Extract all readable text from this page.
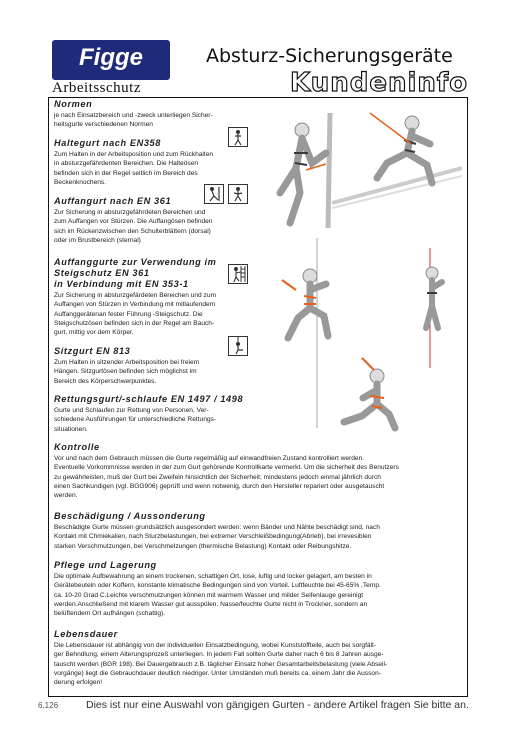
Figge
Arbeitsschutz
Absturz-Sicherungsgeräte
Kundeninfo
Normen
je nach Einsatzbereich und -zweck unterliegen Sicher-
heitsgurte verschiedenen Normen
Haltegurt nach EN358
Zum Halten in der Arbeitsposition und zum Rückhalten
in absturzgefährdenten Bereichen. Die Halteösen
befinden sich in der Regel seitlich im Bereich des
Beckenknochens.
Auffangurt nach EN 361
Zur Sicherung in absturzgefährdeten Bereichen und
zum Auffangen vor Stürzen. Die Auffangösen befinden
sich im Rückenzwischen den Schulterblättern (dorsal)
oder im Brustbereich (sternal)
Auffanggurte zur Verwendung im
Steigschutz EN 361
in Verbindung mit EN 353-1
Zur Sicherung in absturzgefärdeten Bereichen und zum
Auffangen von Stürzen in Verbindung mit mitlaufendem
Auffanggerätenan fester Führung -Steigschutz. Die
Steigschutzösen befinden sich in der Regel am Bauch-
gurt, mittig vor dem Körper.
Sitzgurt EN 813
Zum Halten in sitzender Arbeitsposition bei freiem
Hängen. Sitzgurtösen befinden sich möglichst im
Bereich des Körperschwerpunktes.
Rettungsgurt/-schlaufe EN 1497 / 1498
Gurte und Schlaufen zur Rettung von Personen, Ver-
schiedene Ausführungen für unterschiedliche Rettungs-
situationen.
Kontrolle
Vor und nach dem Gebrauch müssen die Gurte regelmäßig auf einwandfreien Zustand kontrolliert werden.
Eventuelle Vorkommnisse werden in der zum Gurt gehörende Kontrollkarte vermerkt. Um die sicherheit des Benutzers
zu gewährleisten, muß der Gurt bei Zweifeln hinsichtlich der Sicherheit; mindestens jedoch einmal jährlich durch
einen Sachkundigen (vgl. BGG906) geprüft und wenn notwenig, durch den Hersteller repariert oder ausgetauscht
werden.
Beschädigung / Aussonderung
Beschädigte Gurte müssen grundsätzlich ausgesondert werden: wenn Bänder und Nähte beschädigt sind, nach
Kontakt mit Chmiekalien, nach Sturzbelastungen, bei extremer Verschleißbedingung(Abrieb), bei irrevesiblen
starken Verschmutzungen, bei Verschmelzungen (thermische Belastung) Kontakt oder Reibungshitze.
Pflege und Lagerung
Die optimale Aufbewahrung an einem trockenen, schattigen Ort, lose, luftig und locker gelagert, am besten in
Gerätebeuteln oder Koffern, konstante klimatische Bedingungen sind von Vorteil. Luftfeuchte bei 45-65% ,Temp.
ca. 10-20 Grad C.Leichte verschmutzungen können mit warmem Wasser und milder Seifenlauge gereinigt
werden.Anschließend mit klarem Wasser gut ausspülen. Nasse/feuchte Gurte nicht in Trockner, sondern an
belüftendem Ort aufhängen (schattig).
Lebensdauer
Die Lebensdauer ist abhängig von der individuellen Einsatzbedingung, wobei Kunststoffteile, auch bei sorgfält-
ger Behndlung, einem Alterungsprozeß unterliegen. In jedem Fall sollten Gurte daher nach 6 bis 8 Jahren ausge-
tauscht werden (BGR 198). Bei Dauergebrauch z.B. täglicher Einsatz hoher Gesamtarbeitsbelastung (viele Abseil-
vorgänge) liegt die Gebrauchdauer deutlich niedriger. Unter Umständen muß bereits ca. einem Jahr die Ausson-
derung erfolgen!
6.126	Dies ist nur eine Auswahl von gängigen Gurten - andere Artikel fragen Sie bitte an.
